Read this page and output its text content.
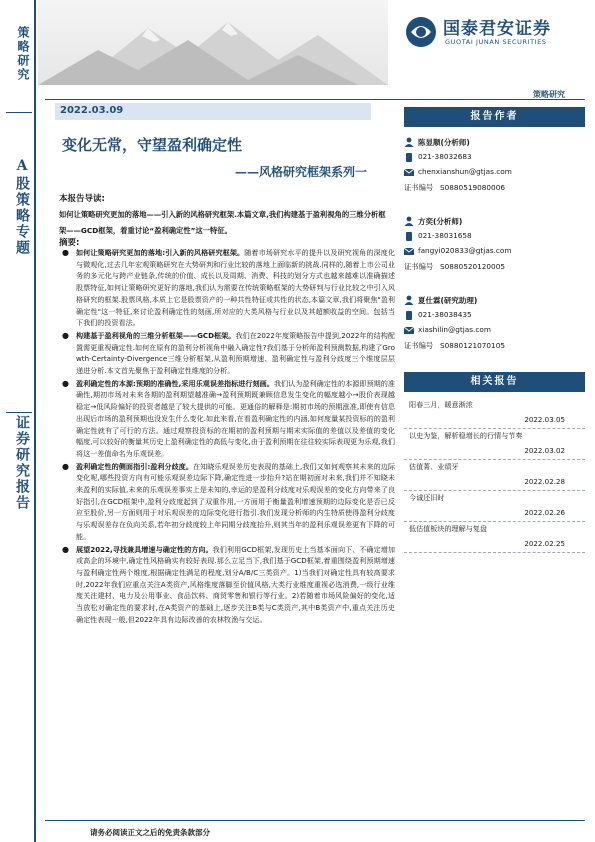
策略研究
A股策略专题
证券研究报告
国泰君安证券
GUOTAI JUNAN SECURITIES
策略研究
2022.03.09
变化无常，守望盈利确定性
——风格研究框架系列一
本报告导读:
如何让策略研究更加的落地——引入新的风格研究框架.本篇文章,我们构建基于盈利视角的三维分析框架——GCD框架，着重讨论“盈利确定性”这一特征。
摘要:
● 如何让策略研究更加的落地:引入新的风格研究框架。随着市场研究水平的提升以及研究视角的深度化与微观化,过去几年宏观策略研究在大势研判和行业比较的落地上面临新的挑战.同样的,随着上市公司业务的多元化与跨产业链条,传统的价值、成长以及周期、消费、科技的划分方式也越来越难以准确描述股票特征,如何让策略研究更好的落地,我们认为需要在传统策略框架的大势研判与行业比较之中引入风格研究的框架.股票风格,本质上它是股票资产的一种共性特征或共性的状态,本篇文章,我们将聚焦"盈利确定性"这一特征,来讨论盈利确定性的刻画,所对应的大类风格与行业以及其超额收益的空间。包括当下我们的投资看法。
● 构建基于盈利视角的三维分析框架——GCD框架。我们在2022年度策略报告中提到,2022年的结构配置需更重视确定性.如何在原有的盈利分析视角中融入确定性?我们基于分析师盈利预测数据,构建了Growth-Certainty-Divergence三维分析框架,从盈利预期增速、盈利确定性与盈利分歧度三个维度层层递进分析.本文首先聚焦于盈利确定性维度的分析。
● 盈利确定性的本源:预期的准确性,采用乐观误差指标进行刻画。我们认为盈利确定性的本源即预期的准确性,期初市场对未来各期的盈利期望越准确→盈利预期既兼顾信息发生变化的幅度越小→股价表现越稳定→低风险偏好的投资者越是了较大提供的可能。更通俗的解释是:期初市场的预期涨准,即使有信息出现后市场的盈利预期也没发生什么变化.如此来看,在看盈利确定性的内涵,如何度量某投资标的的盈利确定性就有了可行的方法。通过观察投资标的在期初的盈利预期与期末实际值的差值以及差值的变化幅度,可以较好的衡量其历史上盈利确定性的高低与变化,由于盈利预期在往往较实际表现更为乐观,我们将这一差值命名为乐观误差。
● 盈利确定性的侧面指引:盈利分歧度。在知晓乐观误差历史表现的基础上,我们又如何观察其未来的边际变化呢,哪些投资方向有可能乐观误差边际下降,确定性进一步抬升?站在期初面对未来,我们并不知晓未来盈利的实际值,未来的乐观误差事实上是未知的,幸运的是盈利分歧度对乐观误差的变化方向带来了良好指引,在GCD框架中,盈利分歧度起到了双重作用,一方面用于衡量盈利增速预期的边际变化是否已反应至股价,另一方面则用于对乐观误差的边际变化进行指引.我们发现分析师的内生特质使得盈利分歧度与乐观误差存在负向关系,若年初分歧度较上年同期分歧度抬升,则其当年的盈利乐观误差更有下降的可能。
● 展望2022,寻找兼具增速与确定性的方向。我们利用GCD框架,发现历史上当基本面向下、不确定增加或高企的环境中,确定性风格确实有较好表现.那么立足当下,我们基于GCD框架,着重围绕盈利预期增速与盈利确定性两个维度,根据确定性满足的程度,划分A/B/C三类资产。1)当我们对确定性具有较高要求时,2022年我们应重点关注A类资产,风格维度落脚至价值风格,大类行业维度重视必选消费,一级行业维度关注建材、电力及公用事业、食品饮料、商贸零售和银行等行业。2)若随着市场风险偏好的变化,适当放松对确定性的要求时,在A类资产的基础上,逐步关注B类与C类资产,其中B类资产中,重点关注历史确定性表现一般,但2022年具有边际改善的农林牧渔与交运。
报告作者
陈显顺(分析师)
021-38032683
chenxianshun@gtjas.com
证书编号 S0880519080006
方奕(分析师)
021-38031658
fangyi020833@gtjas.com
证书编号 S0880520120005
夏仕霖(研究助理)
021-38038435
xiashilin@gtjas.com
证书编号 S0880121070105
相关报告
阳春三月，暖意渐浓
2022.03.05
以史为鉴，解析稳增长的行情与节奏
2022.03.02
估值菁、业绩牙
2022.02.28
今诚还旧时
2022.02.26
低估值板块的理解与复盘
2022.02.25
请务必阅读正文之后的免责条款部分
